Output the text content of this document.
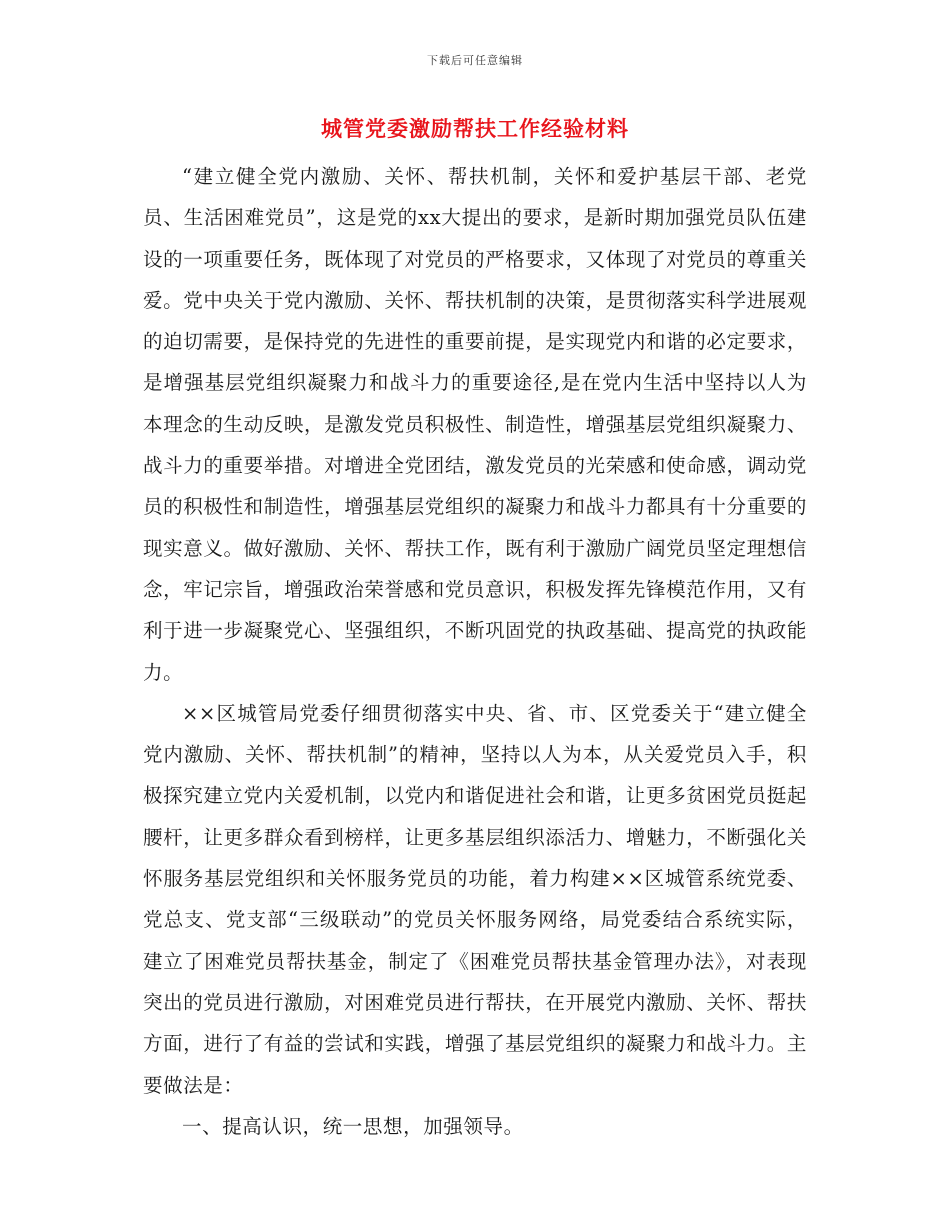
下载后可任意编辑
城管党委激励帮扶工作经验材料

“建立健全党内激励、关怀、帮扶机制，关怀和爱护基层干部、老党员、生活困难党员”，这是党的xx大提出的要求，是新时期加强党员队伍建设的一项重要任务，既体现了对党员的严格要求，又体现了对党员的尊重关爱。党中央关于党内激励、关怀、帮扶机制的决策，是贯彻落实科学进展观的迫切需要，是保持党的先进性的重要前提，是实现党内和谐的必定要求，是增强基层党组织凝聚力和战斗力的重要途径,是在党内生活中坚持以人为本理念的生动反映，是激发党员积极性、制造性，增强基层党组织凝聚力、战斗力的重要举措。对增进全党团结，激发党员的光荣感和使命感，调动党员的积极性和制造性，增强基层党组织的凝聚力和战斗力都具有十分重要的现实意义。做好激励、关怀、帮扶工作，既有利于激励广阔党员坚定理想信念，牢记宗旨，增强政治荣誉感和党员意识，积极发挥先锋模范作用，又有利于进一步凝聚党心、坚强组织，不断巩固党的执政基础、提高党的执政能力。

××区城管局党委仔细贯彻落实中央、省、市、区党委关于“建立健全党内激励、关怀、帮扶机制”的精神，坚持以人为本，从关爱党员入手，积极探究建立党内关爱机制，以党内和谐促进社会和谐，让更多贫困党员挺起腰杆，让更多群众看到榜样，让更多基层组织添活力、增魅力，不断强化关怀服务基层党组织和关怀服务党员的功能，着力构建××区城管系统党委、党总支、党支部“三级联动”的党员关怀服务网络，局党委结合系统实际，建立了困难党员帮扶基金，制定了《困难党员帮扶基金管理办法》，对表现突出的党员进行激励，对困难党员进行帮扶，在开展党内激励、关怀、帮扶方面，进行了有益的尝试和实践，增强了基层党组织的凝聚力和战斗力。主要做法是：

一、提高认识，统一思想，加强领导。
